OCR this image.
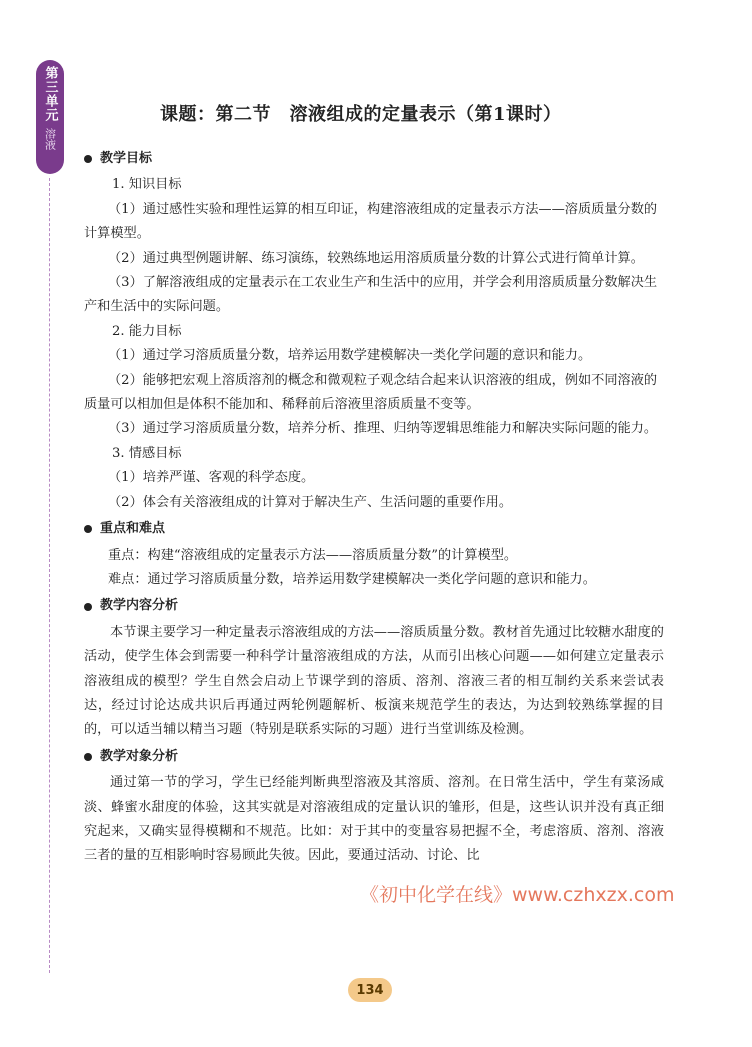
第三单元
溶液
课题：第二节　溶液组成的定量表示（第1课时）
教学目标

1. 知识目标

（1）通过感性实验和理性运算的相互印证，构建溶液组成的定量表示方法——溶质质量分数的计算模型。

（2）通过典型例题讲解、练习演练，较熟练地运用溶质质量分数的计算公式进行简单计算。

（3）了解溶液组成的定量表示在工农业生产和生活中的应用，并学会利用溶质质量分数解决生产和生活中的实际问题。

2. 能力目标

（1）通过学习溶质质量分数，培养运用数学建模解决一类化学问题的意识和能力。

（2）能够把宏观上溶质溶剂的概念和微观粒子观念结合起来认识溶液的组成，例如不同溶液的质量可以相加但是体积不能加和、稀释前后溶液里溶质质量不变等。

（3）通过学习溶质质量分数，培养分析、推理、归纳等逻辑思维能力和解决实际问题的能力。

3. 情感目标

（1）培养严谨、客观的科学态度。

（2）体会有关溶液组成的计算对于解决生产、生活问题的重要作用。

重点和难点

重点：构建“溶液组成的定量表示方法——溶质质量分数”的计算模型。

难点：通过学习溶质质量分数，培养运用数学建模解决一类化学问题的意识和能力。

教学内容分析

本节课主要学习一种定量表示溶液组成的方法——溶质质量分数。教材首先通过比较糖水甜度的活动，使学生体会到需要一种科学计量溶液组成的方法，从而引出核心问题——如何建立定量表示溶液组成的模型？学生自然会启动上节课学到的溶质、溶剂、溶液三者的相互制约关系来尝试表达，经过讨论达成共识后再通过两轮例题解析、板演来规范学生的表达，为达到较熟练掌握的目的，可以适当辅以精当习题（特别是联系实际的习题）进行当堂训练及检测。

教学对象分析

通过第一节的学习，学生已经能判断典型溶液及其溶质、溶剂。在日常生活中，学生有菜汤咸淡、蜂蜜水甜度的体验，这其实就是对溶液组成的定量认识的雏形，但是，这些认识并没有真正细究起来，又确实显得模糊和不规范。比如：对于其中的变量容易把握不全，考虑溶质、溶剂、溶液三者的量的互相影响时容易顾此失彼。因此，要通过活动、讨论、比

《初中化学在线》www.czhxzx.com
134
